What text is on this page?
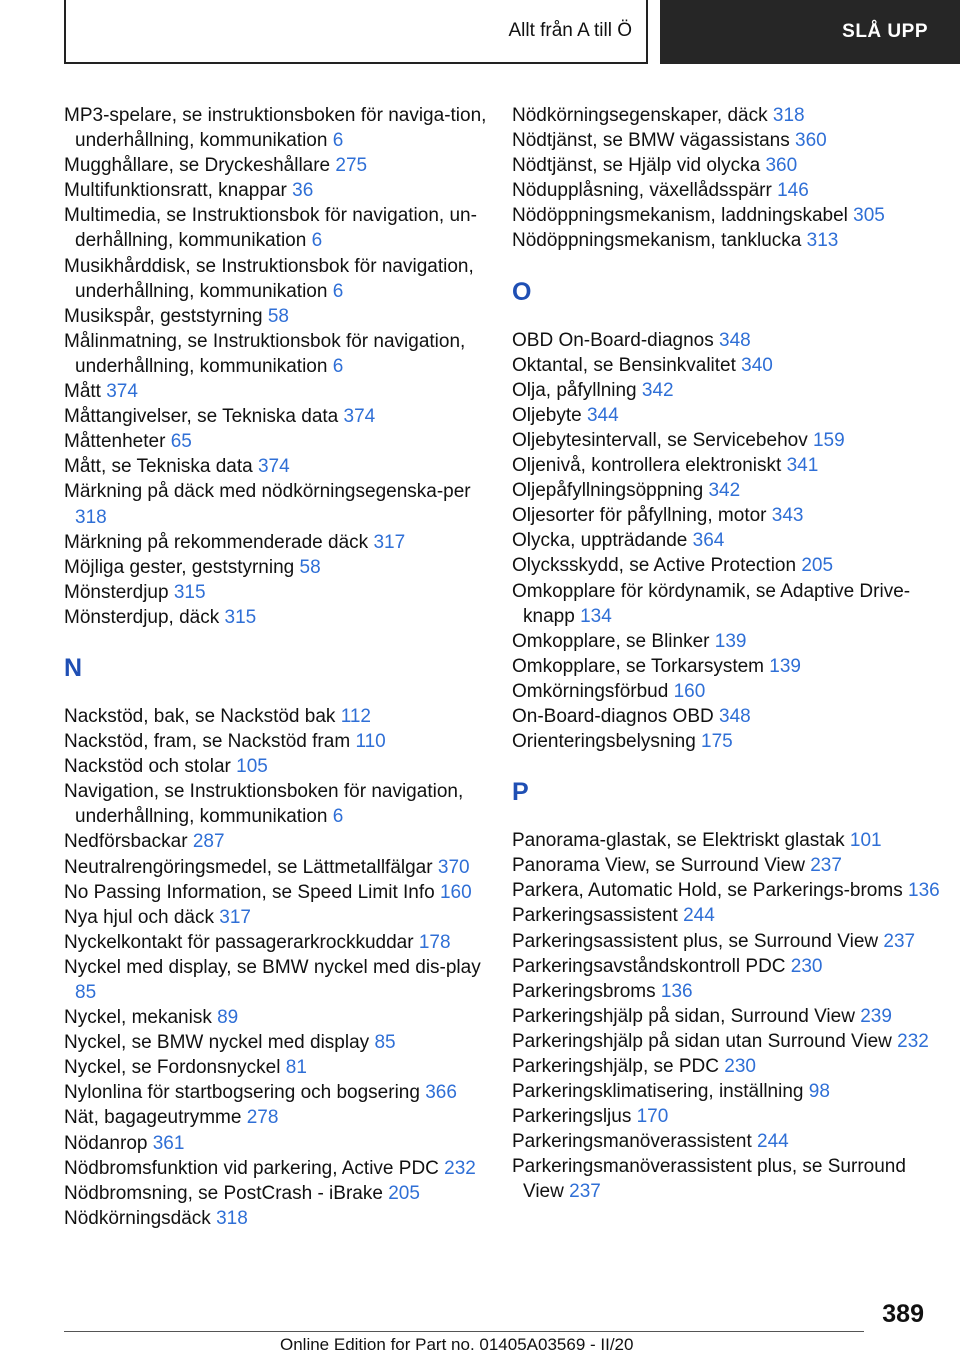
Allt från A till Ö	SLÅ UPP
MP3-spelare, se instruktionsboken för naviga-tion, underhållning, kommunikation 6
Mugghållare, se Dryckeshållare 275
Multifunktionsratt, knappar 36
Multimedia, se Instruktionsbok för navigation, un-derhållning, kommunikation 6
Musikhårddisk, se Instruktionsbok för navigation, underhållning, kommunikation 6
Musikspår, geststyrning 58
Målinmatning, se Instruktionsbok för navigation, underhållning, kommunikation 6
Mått 374
Måttangivelser, se Tekniska data 374
Måttenheter 65
Mått, se Tekniska data 374
Märkning på däck med nödkörningsegenska-per 318
Märkning på rekommenderade däck 317
Möjliga gester, geststyrning 58
Mönsterdjup 315
Mönsterdjup, däck 315
N
Nackstöd, bak, se Nackstöd bak 112
Nackstöd, fram, se Nackstöd fram 110
Nackstöd och stolar 105
Navigation, se Instruktionsboken för navigation, underhållning, kommunikation 6
Nedförsbackar 287
Neutralrengöringsmedel, se Lättmetallfälgar 370
No Passing Information, se Speed Limit Info 160
Nya hjul och däck 317
Nyckelkontakt för passagerarkrockkuddar 178
Nyckel med display, se BMW nyckel med dis-play 85
Nyckel, mekanisk 89
Nyckel, se BMW nyckel med display 85
Nyckel, se Fordonsnyckel 81
Nylonlina för startbogsering och bogsering 366
Nät, bagageutrymme 278
Nödanrop 361
Nödbromsfunktion vid parkering, Active PDC 232
Nödbromsning, se PostCrash - iBrake 205
Nödkörningsdäck 318
Nödkörningsegenskaper, däck 318
Nödtjänst, se BMW vägassistans 360
Nödtjänst, se Hjälp vid olycka 360
Nödupplåsning, växellådsspärr 146
Nödöppningsmekanism, laddningskabel 305
Nödöppningsmekanism, tanklucka 313
O
OBD On-Board-diagnos 348
Oktantal, se Bensinkvalitet 340
Olja, påfyllning 342
Oljebyte 344
Oljebytesintervall, se Servicebehov 159
Oljenivå, kontrollera elektroniskt 341
Oljepåfyllningsöppning 342
Oljesorter för påfyllning, motor 343
Olycka, uppträdande 364
Olycksskydd, se Active Protection 205
Omkopplare för kördynamik, se Adaptive Drive-knapp 134
Omkopplare, se Blinker 139
Omkopplare, se Torkarsystem 139
Omkörningsförbud 160
On-Board-diagnos OBD 348
Orienteringsbelysning 175
P
Panorama-glastak, se Elektriskt glastak 101
Panorama View, se Surround View 237
Parkera, Automatic Hold, se Parkerings-broms 136
Parkeringsassistent 244
Parkeringsassistent plus, se Surround View 237
Parkeringsavståndskontroll PDC 230
Parkeringsbroms 136
Parkeringshjälp på sidan, Surround View 239
Parkeringshjälp på sidan utan Surround View 232
Parkeringshjälp, se PDC 230
Parkeringsklimatisering, inställning 98
Parkeringsljus 170
Parkeringsmanöverassistent 244
Parkeringsmanöverassistent plus, se Surround View 237
389
Online Edition for Part no. 01405A03569 - II/20
